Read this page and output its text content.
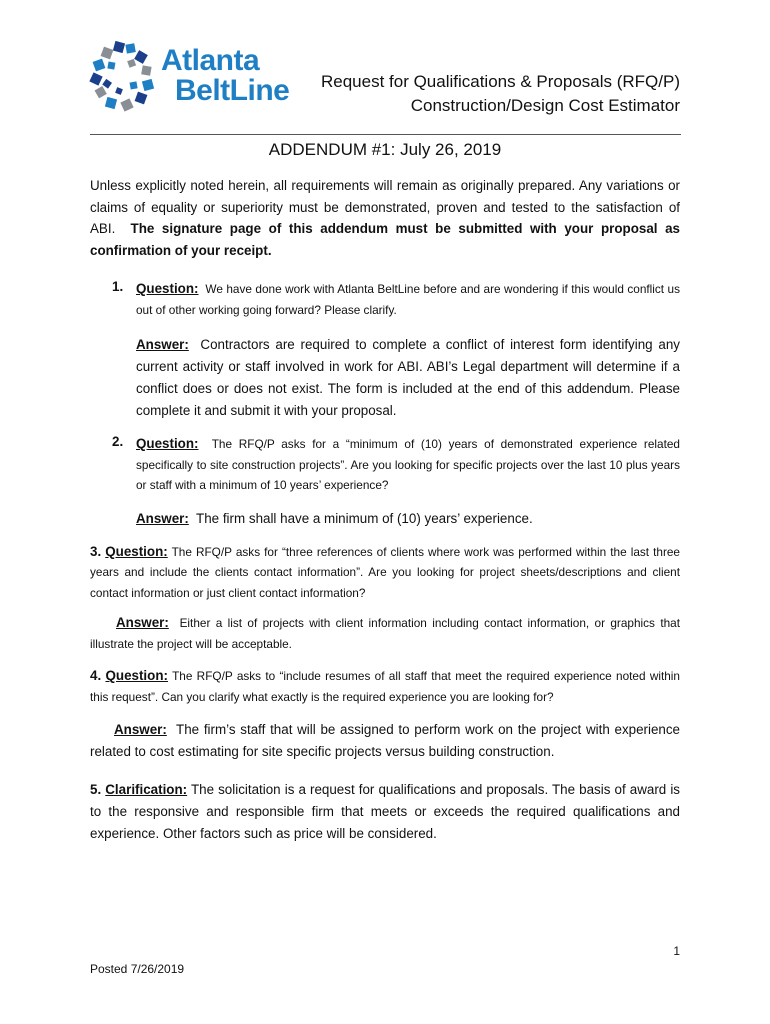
Atlanta
BeltLine Request for Qualifications & Proposals (RFQ/P)
Construction/Design Cost Estimator
ADDENDUM #1: July 26, 2019

Unless explicitly noted herein, all requirements will remain as originally prepared. Any variations or claims of equality or superiority must be demonstrated, proven and tested to the satisfaction of ABI. The signature page of this addendum must be submitted with your proposal as confirmation of your receipt.

1. Question: We have done work with Atlanta BeltLine before and are wondering if this would conflict us out of other working going forward? Please clarify.

Answer: Contractors are required to complete a conflict of interest form identifying any current activity or staff involved in work for ABI. ABI’s Legal department will determine if a conflict does or does not exist. The form is included at the end of this addendum. Please complete it and submit it with your proposal.

2. Question: The RFQ/P asks for a “minimum of (10) years of demonstrated experience related specifically to site construction projects”. Are you looking for specific projects over the last 10 plus years or staff with a minimum of 10 years’ experience?

Answer: The firm shall have a minimum of (10) years’ experience.

3. Question: The RFQ/P asks for “three references of clients where work was performed within the last three years and include the clients contact information”. Are you looking for project sheets/descriptions and client contact information or just client contact information?

Answer: Either a list of projects with client information including contact information, or graphics that illustrate the project will be acceptable.

4. Question: The RFQ/P asks to “include resumes of all staff that meet the required experience noted within this request”. Can you clarify what exactly is the required experience you are looking for?

Answer: The firm’s staff that will be assigned to perform work on the project with experience related to cost estimating for site specific projects versus building construction.

5. Clarification: The solicitation is a request for qualifications and proposals. The basis of award is to the responsive and responsible firm that meets or exceeds the required qualifications and experience. Other factors such as price will be considered.

1
Posted 7/26/2019
